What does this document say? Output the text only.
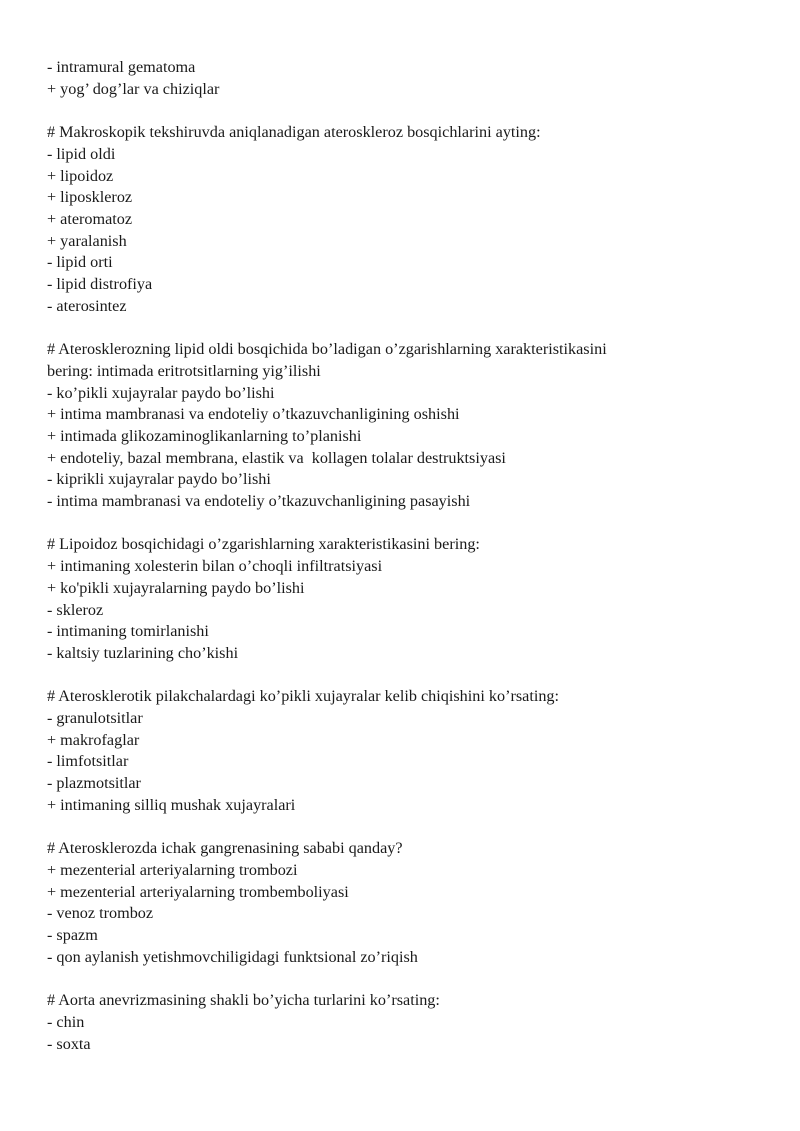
- intramural gematoma
+ yog’ dog’lar va chiziqlar
# Makroskopik tekshiruvda aniqlanadigan ateroskleroz bosqichlarini ayting:
- lipid oldi
+ lipoidoz
+ liposkleroz
+ ateromatoz
+ yaralanish
- lipid orti
- lipid distrofiya
- aterosintez
# Aterosklerozning lipid oldi bosqichida bo’ladigan o’zgarishlarning xarakteristikasini
bering: intimada eritrotsitlarning yig’ilishi
- ko’pikli xujayralar paydo bo’lishi
+ intima mambranasi va endoteliy o’tkazuvchanligining oshishi
+ intimada glikozaminoglikanlarning to’planishi
+ endoteliy, bazal membrana, elastik va  kollagen tolalar destruktsiyasi
- kiprikli xujayralar paydo bo’lishi
- intima mambranasi va endoteliy o’tkazuvchanligining pasayishi
# Lipoidoz bosqichidagi o’zgarishlarning xarakteristikasini bering:
+ intimaning xolesterin bilan o’choqli infiltratsiyasi
+ ko'pikli xujayralarning paydo bo’lishi
- skleroz
- intimaning tomirlanishi
- kaltsiy tuzlarining cho’kishi
# Aterosklerotik pilakchalardagi ko’pikli xujayralar kelib chiqishini ko’rsating:
- granulotsitlar
+ makrofaglar
- limfotsitlar
- plazmotsitlar
+ intimaning silliq mushak xujayralari
# Aterosklerozda ichak gangrenasining sababi qanday?
+ mezenterial arteriyalarning trombozi
+ mezenterial arteriyalarning trombemboliyasi
- venoz tromboz
- spazm
- qon aylanish yetishmovchiligidagi funktsional zo’riqish
# Aorta anevrizmasining shakli bo’yicha turlarini ko’rsating:
- chin
- soxta
